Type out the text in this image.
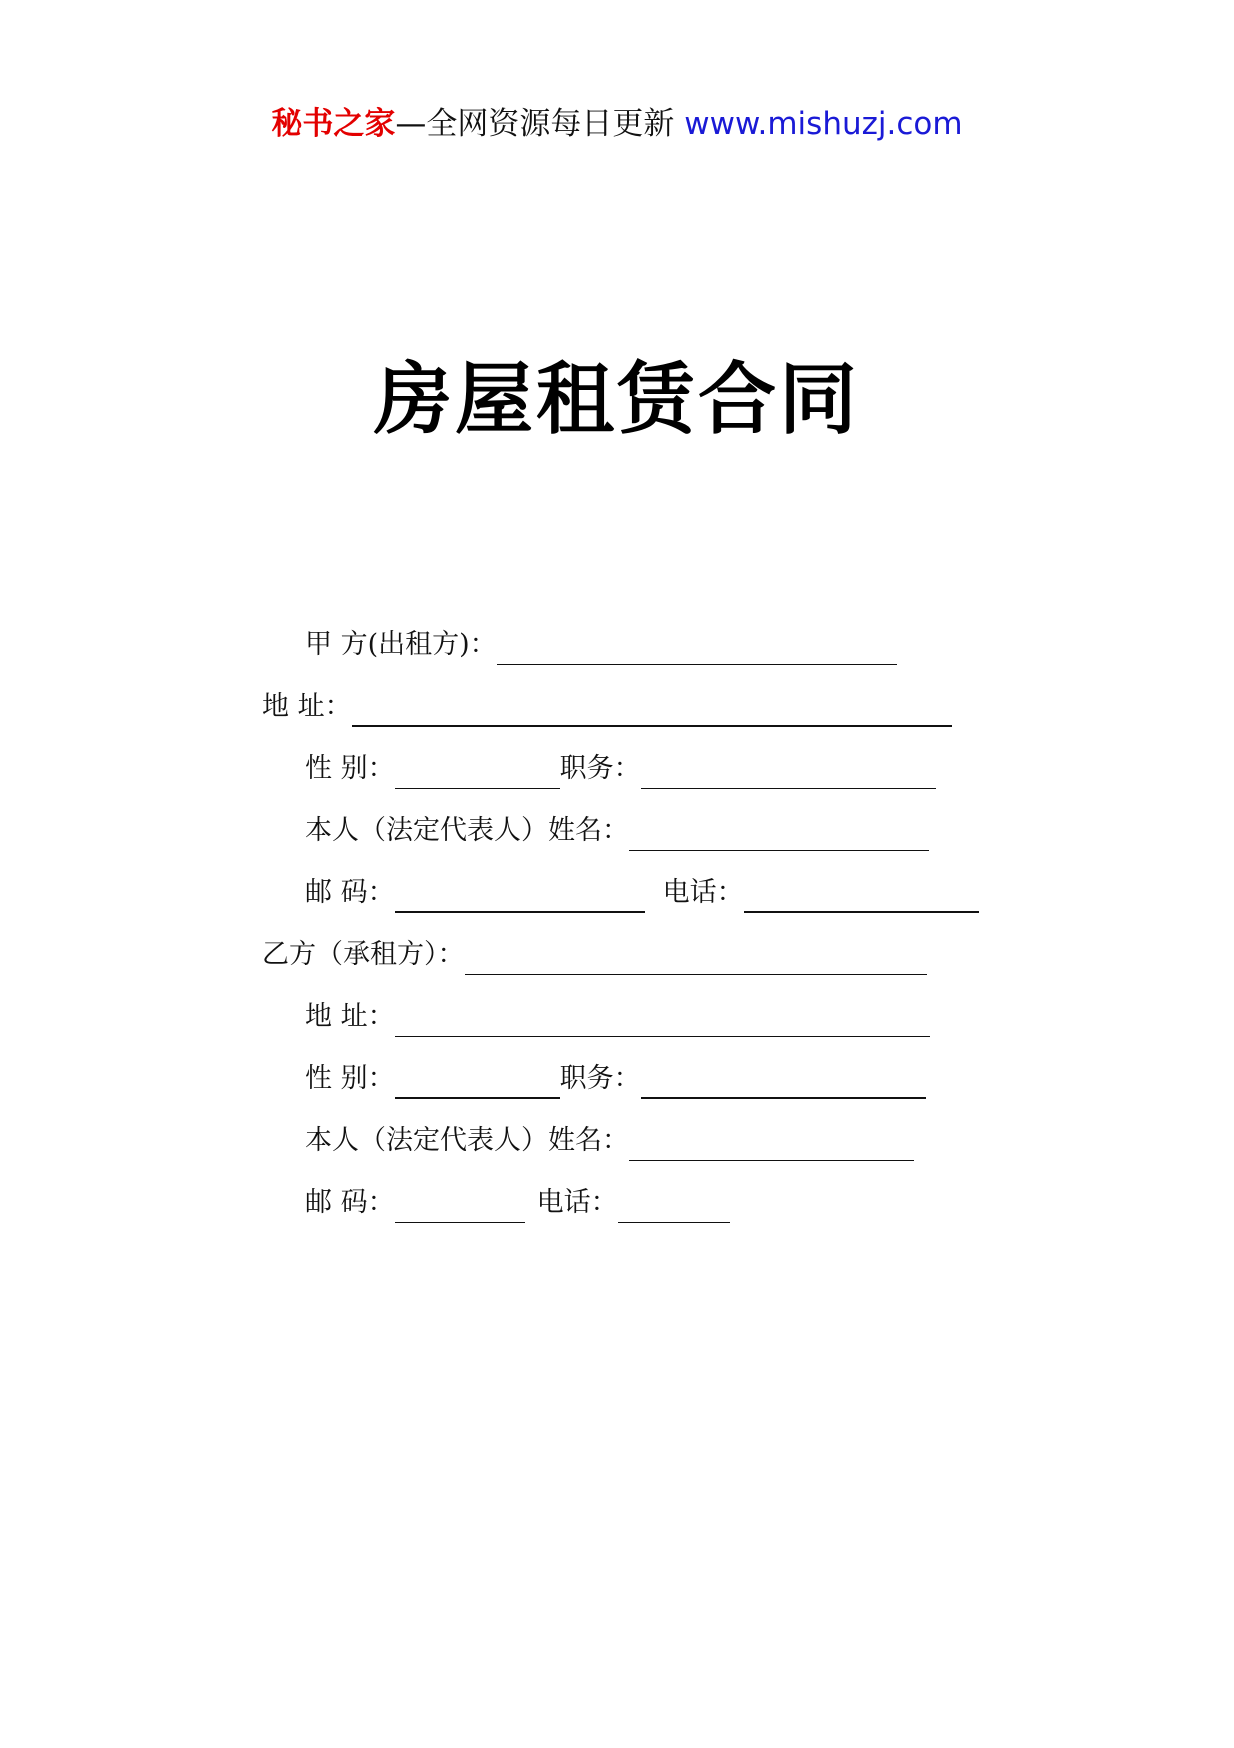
秘书之家—全网资源每日更新 www.mishuzj.com
房屋租赁合同
甲 方(出租方)：
地 址：
性 别：	职务：
本人（法定代表人）姓名：
邮 码：	电话：
乙方（承租方）：
地 址：
性 别：	职务：
本人（法定代表人）姓名：
邮 码：	电话：
